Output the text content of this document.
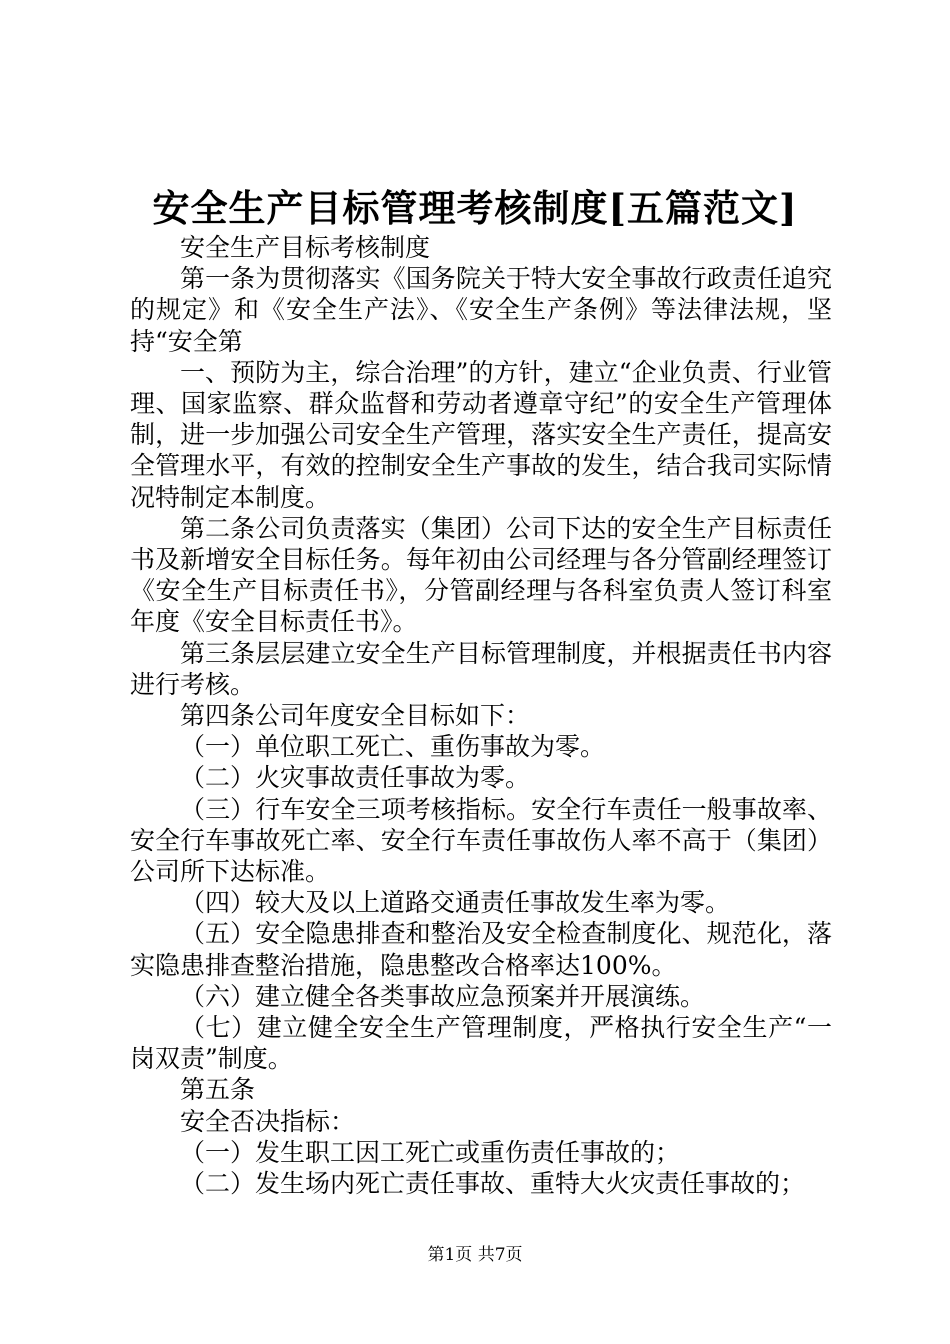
安全生产目标管理考核制度[五篇范文]

安全生产目标考核制度

第一条为贯彻落实《国务院关于特大安全事故行政责任追究的规定》和《安全生产法》、《安全生产条例》等法律法规，坚持“安全第

一、预防为主，综合治理”的方针，建立“企业负责、行业管理、国家监察、群众监督和劳动者遵章守纪”的安全生产管理体制，进一步加强公司安全生产管理，落实安全生产责任，提高安全管理水平，有效的控制安全生产事故的发生，结合我司实际情况特制定本制度。

第二条公司负责落实（集团）公司下达的安全生产目标责任书及新增安全目标任务。每年初由公司经理与各分管副经理签订《安全生产目标责任书》，分管副经理与各科室负责人签订科室年度《安全目标责任书》。

第三条层层建立安全生产目标管理制度，并根据责任书内容进行考核。

第四条公司年度安全目标如下：

（一）单位职工死亡、重伤事故为零。

（二）火灾事故责任事故为零。

（三）行车安全三项考核指标。安全行车责任一般事故率、安全行车事故死亡率、安全行车责任事故伤人率不高于（集团）公司所下达标准。

（四）较大及以上道路交通责任事故发生率为零。

（五）安全隐患排查和整治及安全检查制度化、规范化，落实隐患排查整治措施，隐患整改合格率达100%。

（六）建立健全各类事故应急预案并开展演练。

（七）建立健全安全生产管理制度，严格执行安全生产“一岗双责”制度。

第五条

安全否决指标：

（一）发生职工因工死亡或重伤责任事故的；

（二）发生场内死亡责任事故、重特大火灾责任事故的；

第1页 共7页
